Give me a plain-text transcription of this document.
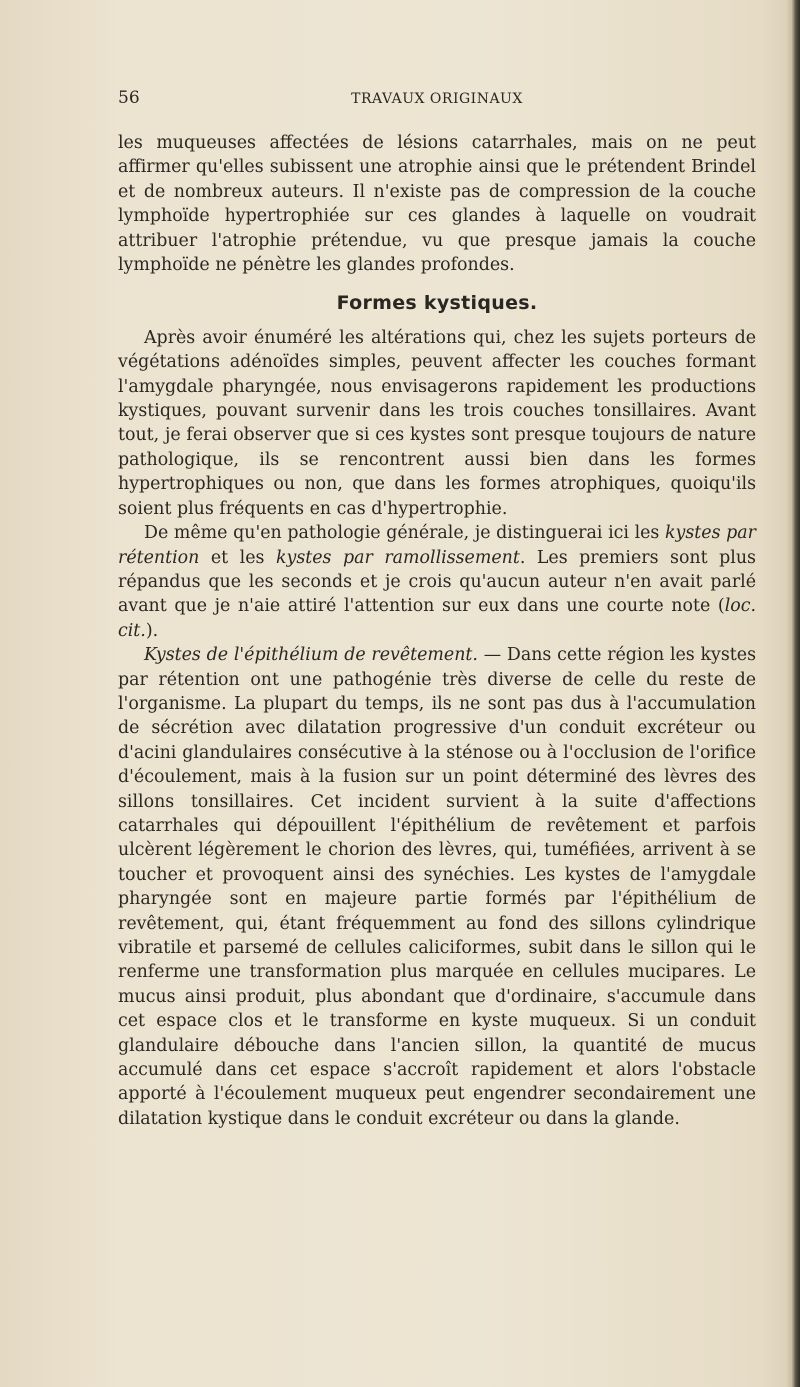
56	TRAVAUX ORIGINAUX

les muqueuses affectées de lésions catarrhales, mais on ne peut affirmer qu'elles subissent une atrophie ainsi que le prétendent Brindel et de nombreux auteurs. Il n'existe pas de compression de la couche lymphoïde hypertrophiée sur ces glandes à laquelle on voudrait attribuer l'atrophie prétendue, vu que presque jamais la couche lymphoïde ne pénètre les glandes profondes.

Formes kystiques.

Après avoir énuméré les altérations qui, chez les sujets porteurs de végétations adénoïdes simples, peuvent affecter les couches formant l'amygdale pharyngée, nous envisagerons rapidement les productions kystiques, pouvant survenir dans les trois couches tonsillaires. Avant tout, je ferai observer que si ces kystes sont presque toujours de nature pathologique, ils se rencontrent aussi bien dans les formes hypertrophiques ou non, que dans les formes atrophiques, quoiqu'ils soient plus fréquents en cas d'hypertrophie.

De même qu'en pathologie générale, je distinguerai ici les kystes par rétention et les kystes par ramollissement. Les premiers sont plus répandus que les seconds et je crois qu'aucun auteur n'en avait parlé avant que je n'aie attiré l'attention sur eux dans une courte note (loc. cit.).

Kystes de l'épithélium de revêtement. — Dans cette région les kystes par rétention ont une pathogénie très diverse de celle du reste de l'organisme. La plupart du temps, ils ne sont pas dus à l'accumulation de sécrétion avec dilatation progressive d'un conduit excréteur ou d'acini glandulaires consécutive à la sténose ou à l'occlusion de l'orifice d'écoulement, mais à la fusion sur un point déterminé des lèvres des sillons tonsillaires. Cet incident survient à la suite d'affections catarrhales qui dépouillent l'épithélium de revêtement et parfois ulcèrent légèrement le chorion des lèvres, qui, tuméfiées, arrivent à se toucher et provoquent ainsi des synéchies. Les kystes de l'amygdale pharyngée sont en majeure partie formés par l'épithélium de revêtement, qui, étant fréquemment au fond des sillons cylindrique vibratile et parsemé de cellules caliciformes, subit dans le sillon qui le renferme une transformation plus marquée en cellules mucipares. Le mucus ainsi produit, plus abondant que d'ordinaire, s'accumule dans cet espace clos et le transforme en kyste muqueux. Si un conduit glandulaire débouche dans l'ancien sillon, la quantité de mucus accumulé dans cet espace s'accroît rapidement et alors l'obstacle apporté à l'écoulement muqueux peut engendrer secondairement une dilatation kystique dans le conduit excréteur ou dans la glande.
